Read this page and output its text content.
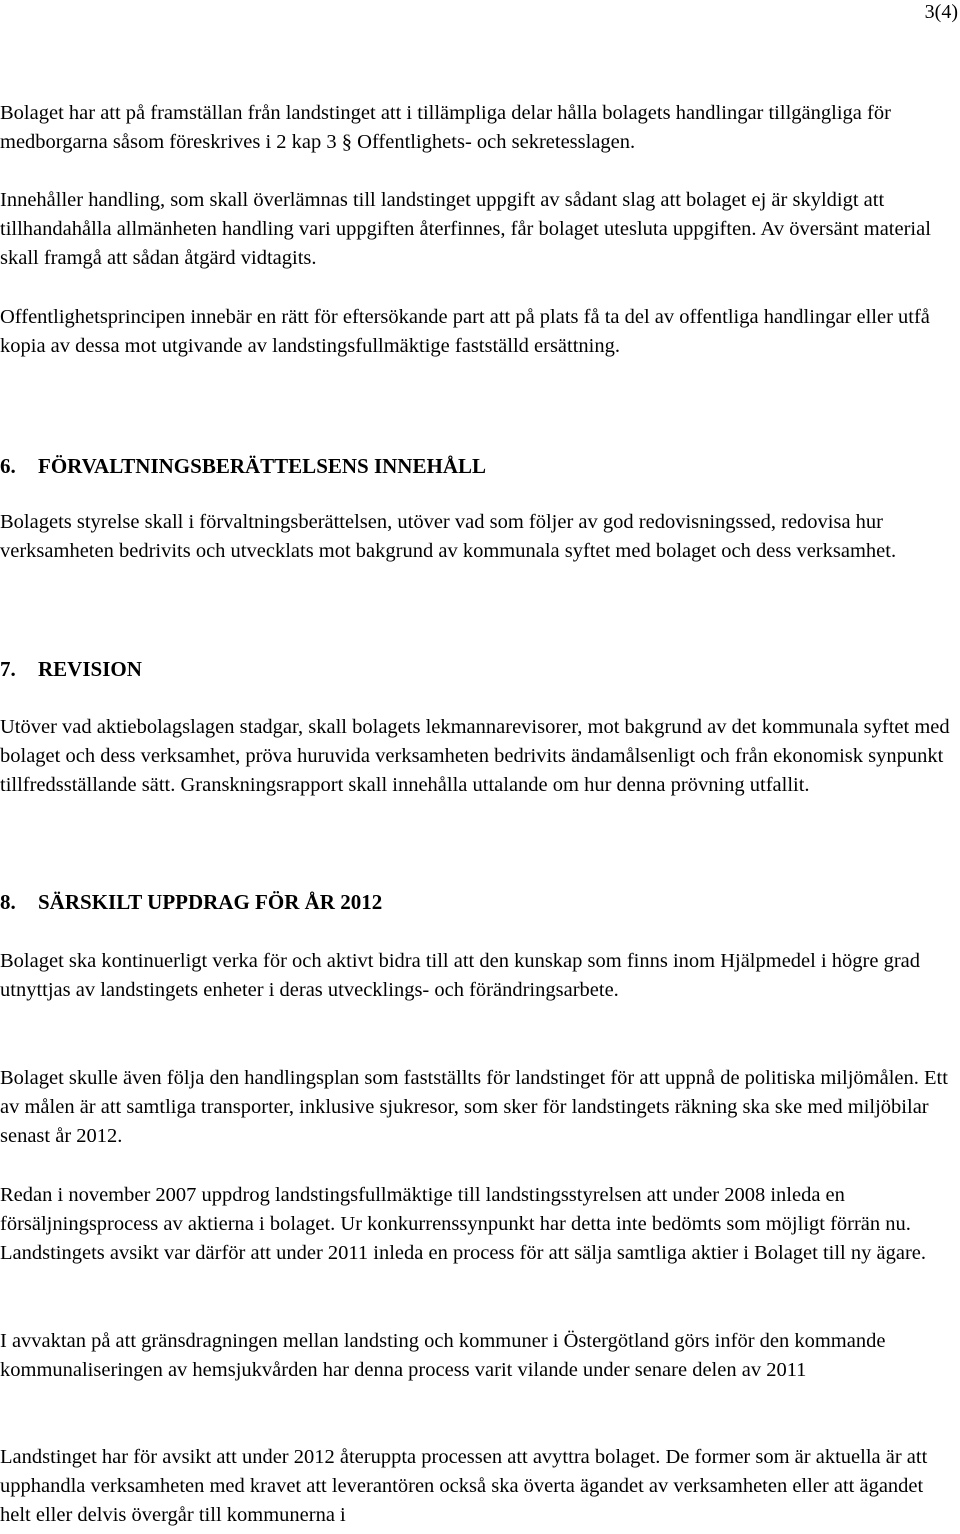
3(4)

Bolaget har att på framställan från landstinget att i tillämpliga delar hålla bolagets handlingar tillgängliga för medborgarna såsom föreskrives i 2 kap 3 § Offentlighets- och sekretesslagen.

Innehåller handling, som skall överlämnas till landstinget uppgift av sådant slag att bolaget ej är skyldigt att tillhandahålla allmänheten handling vari uppgiften återfinnes, får bolaget utesluta uppgiften. Av översänt material skall framgå att sådan åtgärd vidtagits.

Offentlighetsprincipen innebär en rätt för eftersökande part att på plats få ta del av offentliga handlingar eller utfå kopia av dessa mot utgivande av landstingsfullmäktige fastställd ersättning.

6. FÖRVALTNINGSBERÄTTELSENS INNEHÅLL

Bolagets styrelse skall i förvaltningsberättelsen, utöver vad som följer av god redovisningssed, redovisa hur verksamheten bedrivits och utvecklats mot bakgrund av kommunala syftet med bolaget och dess verksamhet.

7. REVISION

Utöver vad aktiebolagslagen stadgar, skall bolagets lekmannarevisorer, mot bakgrund av det kommunala syftet med bolaget och dess verksamhet, pröva huruvida verksamheten bedrivits ändamålsenligt och från ekonomisk synpunkt tillfredsställande sätt. Granskningsrapport skall innehålla uttalande om hur denna prövning utfallit.

8. SÄRSKILT UPPDRAG FÖR ÅR 2012

Bolaget ska kontinuerligt verka för och aktivt bidra till att den kunskap som finns inom Hjälpmedel i högre grad utnyttjas av landstingets enheter i deras utvecklings- och förändringsarbete.

Bolaget skulle även följa den handlingsplan som fastställts för landstinget för att uppnå de politiska miljömålen. Ett av målen är att samtliga transporter, inklusive sjukresor, som sker för landstingets räkning ska ske med miljöbilar senast år 2012.

Redan i november 2007 uppdrog landstingsfullmäktige till landstingsstyrelsen att under 2008 inleda en försäljningsprocess av aktierna i bolaget. Ur konkurrenssynpunkt har detta inte bedömts som möjligt förrän nu. Landstingets avsikt var därför att under 2011 inleda en process för att sälja samtliga aktier i Bolaget till ny ägare.

I avvaktan på att gränsdragningen mellan landsting och kommuner i Östergötland görs inför den kommande kommunaliseringen av hemsjukvården har denna process varit vilande under senare delen av 2011

Landstinget har för avsikt att under 2012 återuppta processen att avyttra bolaget. De former som är aktuella är att upphandla verksamheten med kravet att leverantören också ska överta ägandet av verksamheten eller att ägandet helt eller delvis övergår till kommunerna i
